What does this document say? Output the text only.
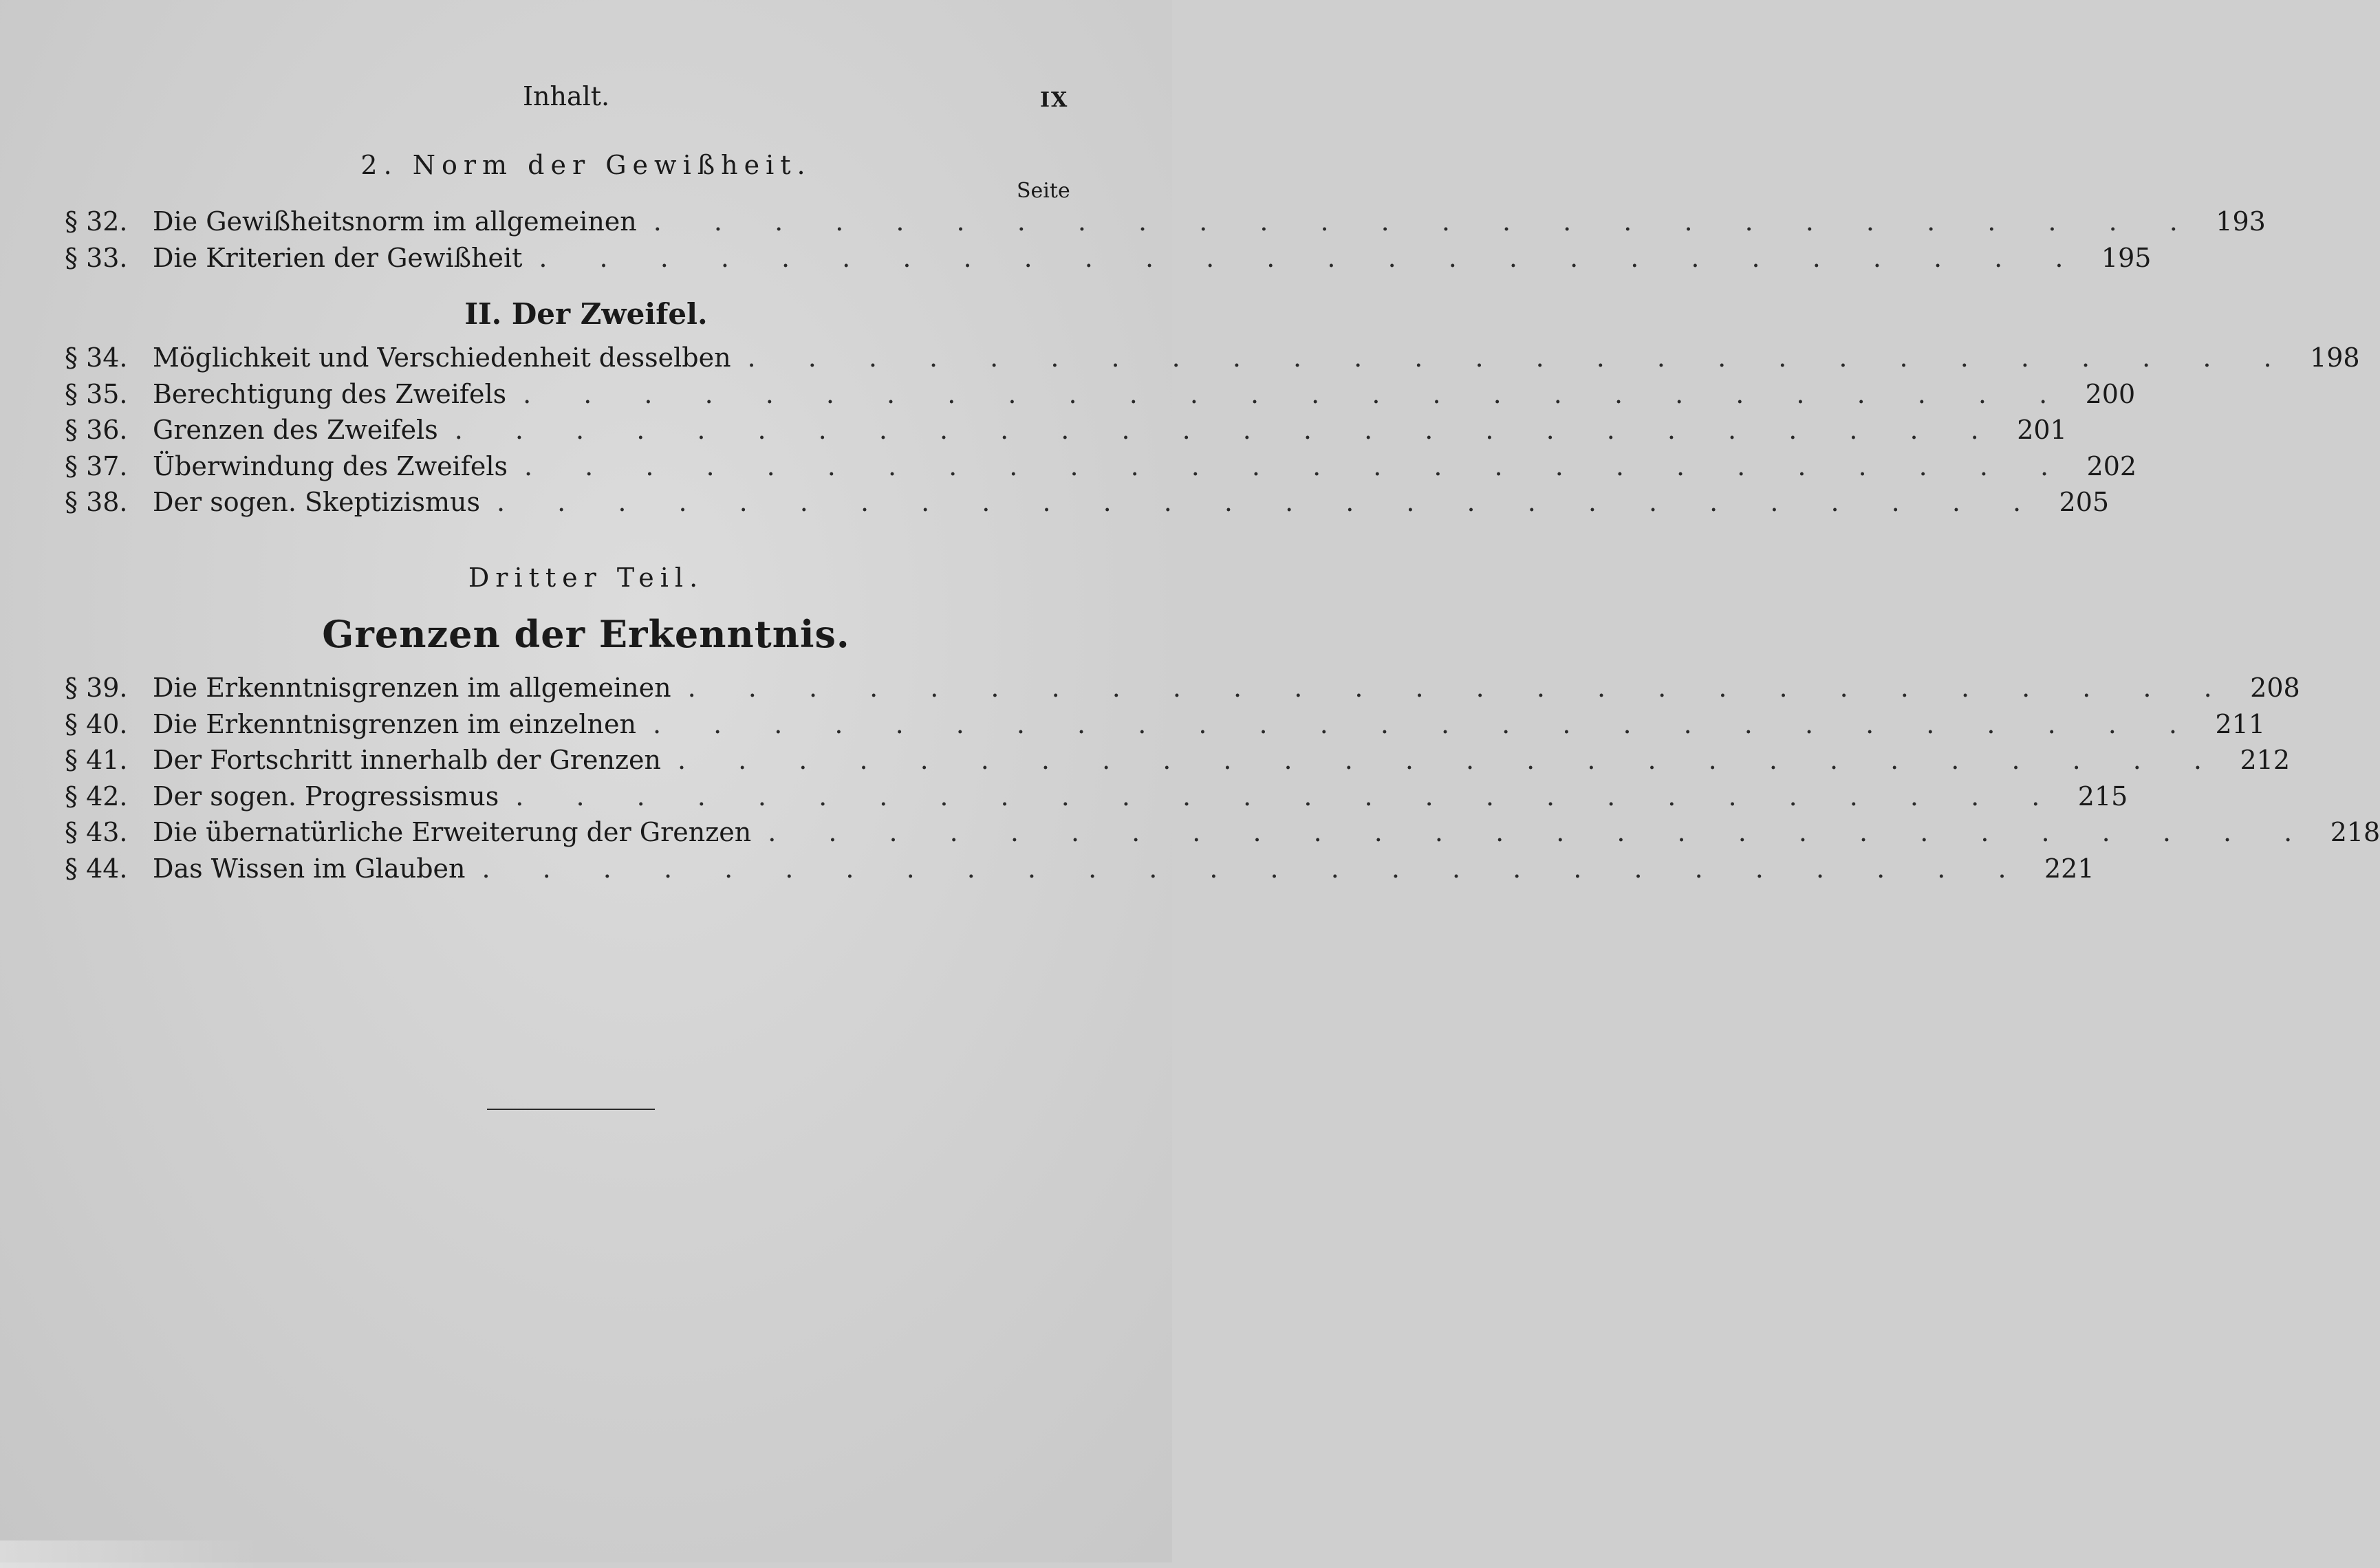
Inhalt.	IX
2. Norm der Gewißheit.
Seite
§ 32. Die Gewißheitsnorm im allgemeinen . . . . . . . . . . . . . . . . . . . . . . . . . . 193
§ 33. Die Kriterien der Gewißheit . . . . . . . . . . . . . . . . . . . . . . . . . . 195
II. Der Zweifel.
§ 34. Möglichkeit und Verschiedenheit desselben . . . . . . . . . . . . . . . . . . . . . . . . . . 198
§ 35. Berechtigung des Zweifels . . . . . . . . . . . . . . . . . . . . . . . . . . 200
§ 36. Grenzen des Zweifels . . . . . . . . . . . . . . . . . . . . . . . . . . 201
§ 37. Überwindung des Zweifels . . . . . . . . . . . . . . . . . . . . . . . . . . 202
§ 38. Der sogen. Skeptizismus . . . . . . . . . . . . . . . . . . . . . . . . . . 205
Dritter Teil.
Grenzen der Erkenntnis.
§ 39. Die Erkenntnisgrenzen im allgemeinen . . . . . . . . . . . . . . . . . . . . . . . . . . 208
§ 40. Die Erkenntnisgrenzen im einzelnen . . . . . . . . . . . . . . . . . . . . . . . . . . 211
§ 41. Der Fortschritt innerhalb der Grenzen . . . . . . . . . . . . . . . . . . . . . . . . . . 212
§ 42. Der sogen. Progressismus . . . . . . . . . . . . . . . . . . . . . . . . . . 215
§ 43. Die übernatürliche Erweiterung der Grenzen . . . . . . . . . . . . . . . . . . . . . . . . . . 218
§ 44. Das Wissen im Glauben . . . . . . . . . . . . . . . . . . . . . . . . . . 221
